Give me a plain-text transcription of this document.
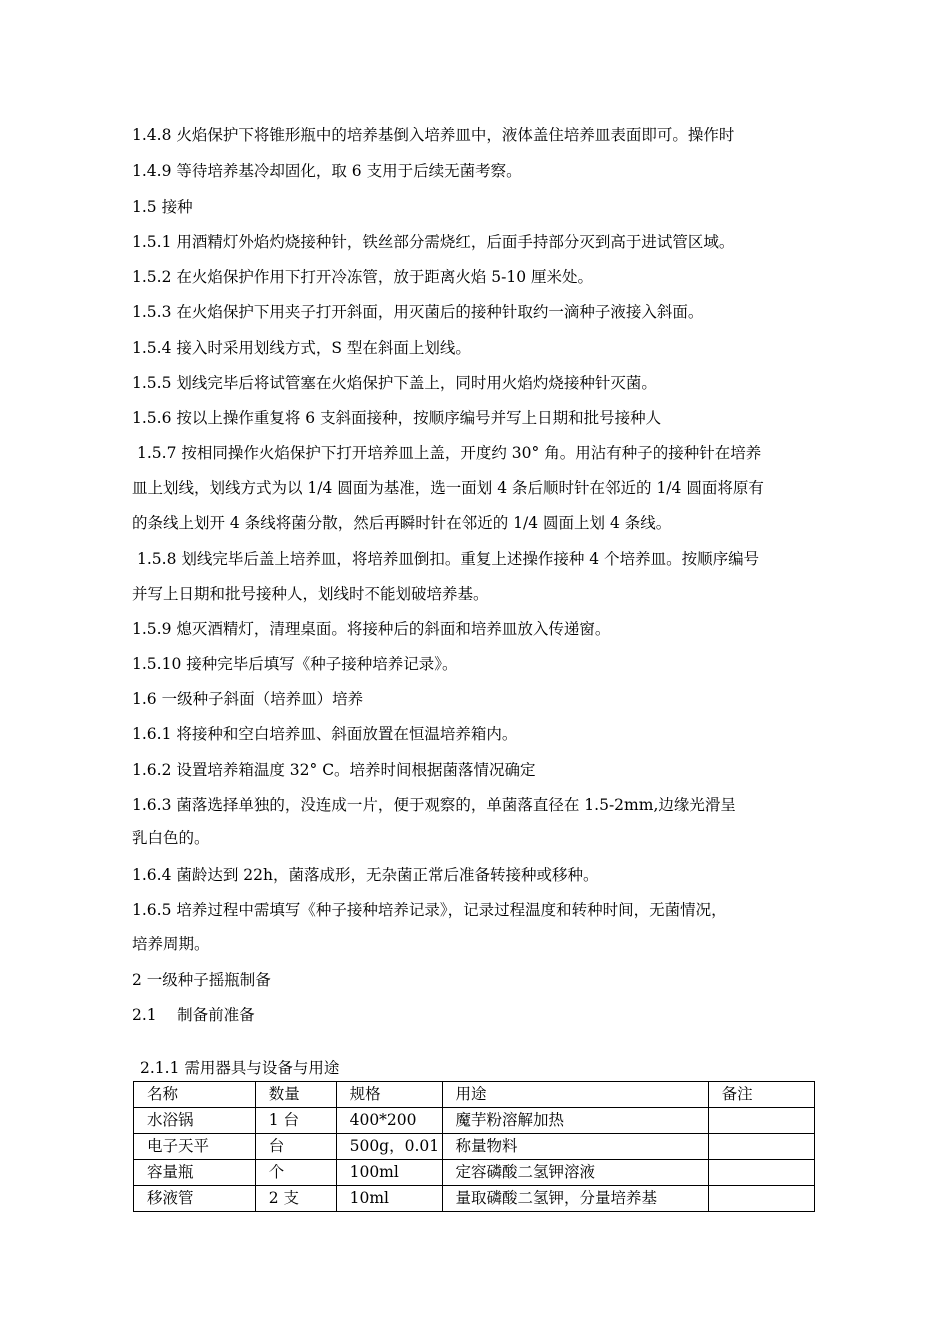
1.4.8 火焰保护下将锥形瓶中的培养基倒入培养皿中，液体盖住培养皿表面即可。操作时
1.4.9 等待培养基冷却固化，取 6 支用于后续无菌考察。
1.5 接种
1.5.1 用酒精灯外焰灼烧接种针，铁丝部分需烧红，后面手持部分灭到高于进试管区域。
1.5.2 在火焰保护作用下打开冷冻管，放于距离火焰 5-10 厘米处。
1.5.3 在火焰保护下用夹子打开斜面，用灭菌后的接种针取约一滴种子液接入斜面。
1.5.4 接入时采用划线方式，S 型在斜面上划线。
1.5.5 划线完毕后将试管塞在火焰保护下盖上，同时用火焰灼烧接种针灭菌。
1.5.6 按以上操作重复将 6 支斜面接种，按顺序编号并写上日期和批号接种人
1.5.7 按相同操作火焰保护下打开培养皿上盖，开度约 30° 角。用沾有种子的接种针在培养
皿上划线，划线方式为以 1/4 圆面为基准，选一面划 4 条后顺时针在邻近的 1/4 圆面将原有
的条线上划开 4 条线将菌分散，然后再瞬时针在邻近的 1/4 圆面上划 4 条线。
1.5.8 划线完毕后盖上培养皿，将培养皿倒扣。重复上述操作接种 4 个培养皿。按顺序编号
并写上日期和批号接种人，划线时不能划破培养基。
1.5.9 熄灭酒精灯，清理桌面。将接种后的斜面和培养皿放入传递窗。
1.5.10 接种完毕后填写《种子接种培养记录》。
1.6 一级种子斜面（培养皿）培养
1.6.1 将接种和空白培养皿、斜面放置在恒温培养箱内。
1.6.2 设置培养箱温度 32° C。培养时间根据菌落情况确定
1.6.3 菌落选择单独的，没连成一片，便于观察的，单菌落直径在 1.5-2mm,边缘光滑呈
乳白色的。
1.6.4 菌龄达到 22h，菌落成形，无杂菌正常后准备转接种或移种。
1.6.5 培养过程中需填写《种子接种培养记录》，记录过程温度和转种时间，无菌情况，
培养周期。
2 一级种子摇瓶制备
2.1　 制备前准备
2.1.1 需用器具与设备与用途
名称	数量	规格	用途	备注
水浴锅	1 台	400*200	魔芋粉溶解加热	
电子天平	台	500g，0.01	称量物料	
容量瓶	个	100ml	定容磷酸二氢钾溶液	
移液管	2 支	10ml	量取磷酸二氢钾，分量培养基	
